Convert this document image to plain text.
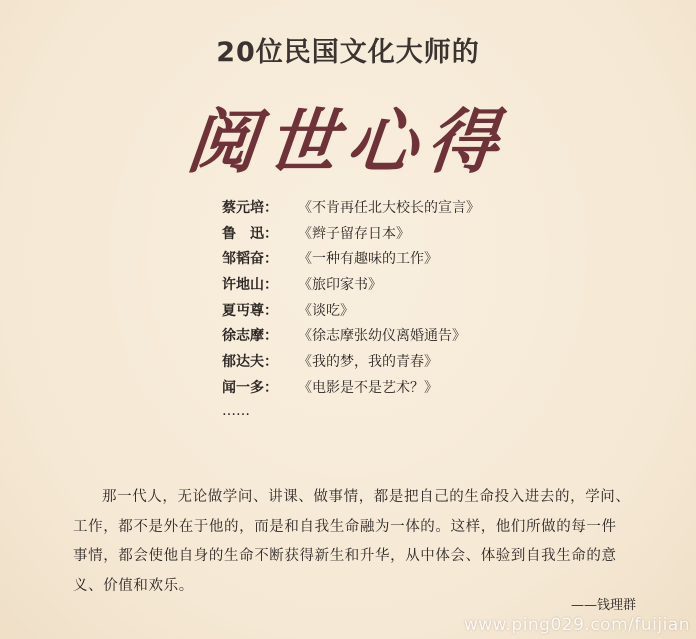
20位民国文化大师的
阅世心得
蔡元培： 《不肯再任北大校长的宣言》
鲁　迅： 《辫子留存日本》
邹韬奋： 《一种有趣味的工作》
许地山： 《旅印家书》
夏丏尊： 《谈吃》
徐志摩： 《徐志摩张幼仪离婚通告》
郁达夫： 《我的梦，我的青春》
闻一多： 《电影是不是艺术？》
……
那一代人，无论做学问、讲课、做事情，都是把自己的生命投入进去的，学问、工作，都不是外在于他的，而是和自我生命融为一体的。这样，他们所做的每一件事情，都会使他自身的生命不断获得新生和升华，从中体会、体验到自我生命的意义、价值和欢乐。
——钱理群
www.ping029.com/fuijian
